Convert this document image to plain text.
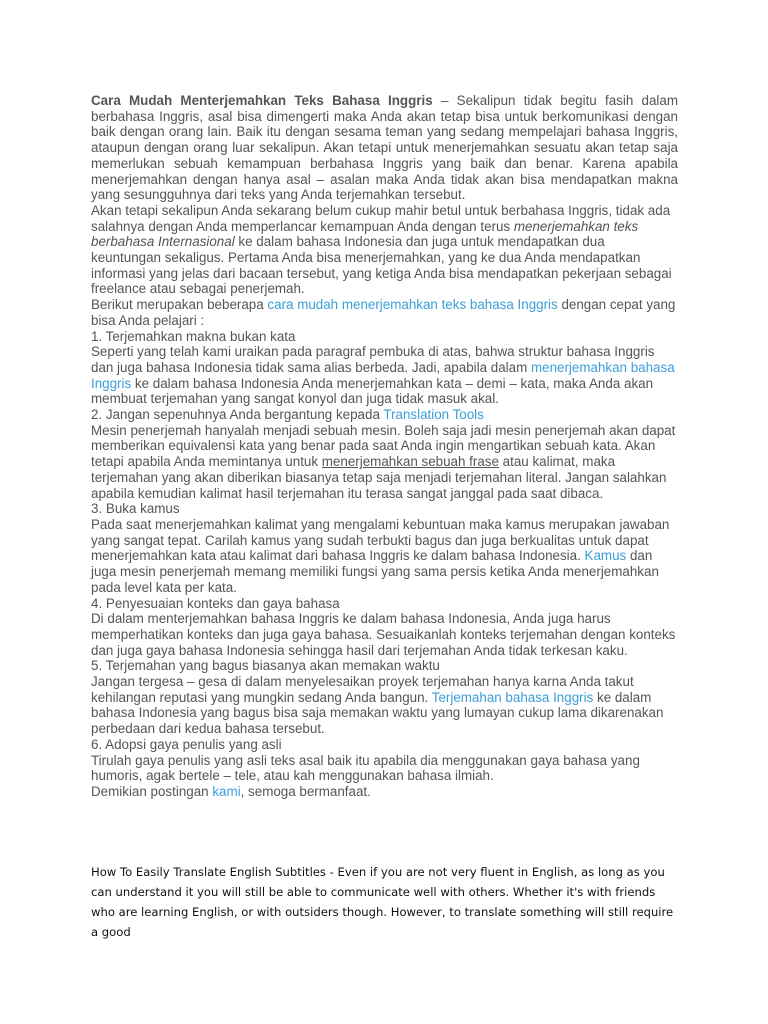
Cara Mudah Menterjemahkan Teks Bahasa Inggris – Sekalipun tidak begitu fasih dalam berbahasa Inggris, asal bisa dimengerti maka Anda akan tetap bisa untuk berkomunikasi dengan baik dengan orang lain. Baik itu dengan sesama teman yang sedang mempelajari bahasa Inggris, ataupun dengan orang luar sekalipun. Akan tetapi untuk menerjemahkan sesuatu akan tetap saja memerlukan sebuah kemampuan berbahasa Inggris yang baik dan benar. Karena apabila menerjemahkan dengan hanya asal – asalan maka Anda tidak akan bisa mendapatkan makna yang sesungguhnya dari teks yang Anda terjemahkan tersebut.

Akan tetapi sekalipun Anda sekarang belum cukup mahir betul untuk berbahasa Inggris, tidak ada salahnya dengan Anda memperlancar kemampuan Anda dengan terus menerjemahkan teks berbahasa Internasional ke dalam bahasa Indonesia dan juga untuk mendapatkan dua keuntungan sekaligus. Pertama Anda bisa menerjemahkan, yang ke dua Anda mendapatkan informasi yang jelas dari bacaan tersebut, yang ketiga Anda bisa mendapatkan pekerjaan sebagai freelance atau sebagai penerjemah.

Berikut merupakan beberapa cara mudah menerjemahkan teks bahasa Inggris dengan cepat yang bisa Anda pelajari :

1. Terjemahkan makna bukan kata

Seperti yang telah kami uraikan pada paragraf pembuka di atas, bahwa struktur bahasa Inggris dan juga bahasa Indonesia tidak sama alias berbeda. Jadi, apabila dalam menerjemahkan bahasa Inggris ke dalam bahasa Indonesia Anda menerjemahkan kata – demi – kata, maka Anda akan membuat terjemahan yang sangat konyol dan juga tidak masuk akal.

2. Jangan sepenuhnya Anda bergantung kepada Translation Tools

Mesin penerjemah hanyalah menjadi sebuah mesin. Boleh saja jadi mesin penerjemah akan dapat memberikan equivalensi kata yang benar pada saat Anda ingin mengartikan sebuah kata. Akan tetapi apabila Anda memintanya untuk menerjemahkan sebuah frase atau kalimat, maka terjemahan yang akan diberikan biasanya tetap saja menjadi terjemahan literal. Jangan salahkan apabila kemudian kalimat hasil terjemahan itu terasa sangat janggal pada saat dibaca.

3. Buka kamus

Pada saat menerjemahkan kalimat yang mengalami kebuntuan maka kamus merupakan jawaban yang sangat tepat. Carilah kamus yang sudah terbukti bagus dan juga berkualitas untuk dapat menerjemahkan kata atau kalimat dari bahasa Inggris ke dalam bahasa Indonesia. Kamus dan juga mesin penerjemah memang memiliki fungsi yang sama persis ketika Anda menerjemahkan pada level kata per kata.

4. Penyesuaian konteks dan gaya bahasa

Di dalam menterjemahkan bahasa Inggris ke dalam bahasa Indonesia, Anda juga harus memperhatikan konteks dan juga gaya bahasa. Sesuaikanlah konteks terjemahan dengan konteks dan juga gaya bahasa Indonesia sehingga hasil dari terjemahan Anda tidak terkesan kaku.

5. Terjemahan yang bagus biasanya akan memakan waktu

Jangan tergesa – gesa di dalam menyelesaikan proyek terjemahan hanya karna Anda takut kehilangan reputasi yang mungkin sedang Anda bangun. Terjemahan bahasa Inggris ke dalam bahasa Indonesia yang bagus bisa saja memakan waktu yang lumayan cukup lama dikarenakan perbedaan dari kedua bahasa tersebut.

6. Adopsi gaya penulis yang asli

Tirulah gaya penulis yang asli teks asal baik itu apabila dia menggunakan gaya bahasa yang humoris, agak bertele – tele, atau kah menggunakan bahasa ilmiah.

Demikian postingan kami, semoga bermanfaat.

How To Easily Translate English Subtitles - Even if you are not very fluent in English, as long as you can understand it you will still be able to communicate well with others. Whether it's with friends who are learning English, or with outsiders though. However, to translate something will still require a good
